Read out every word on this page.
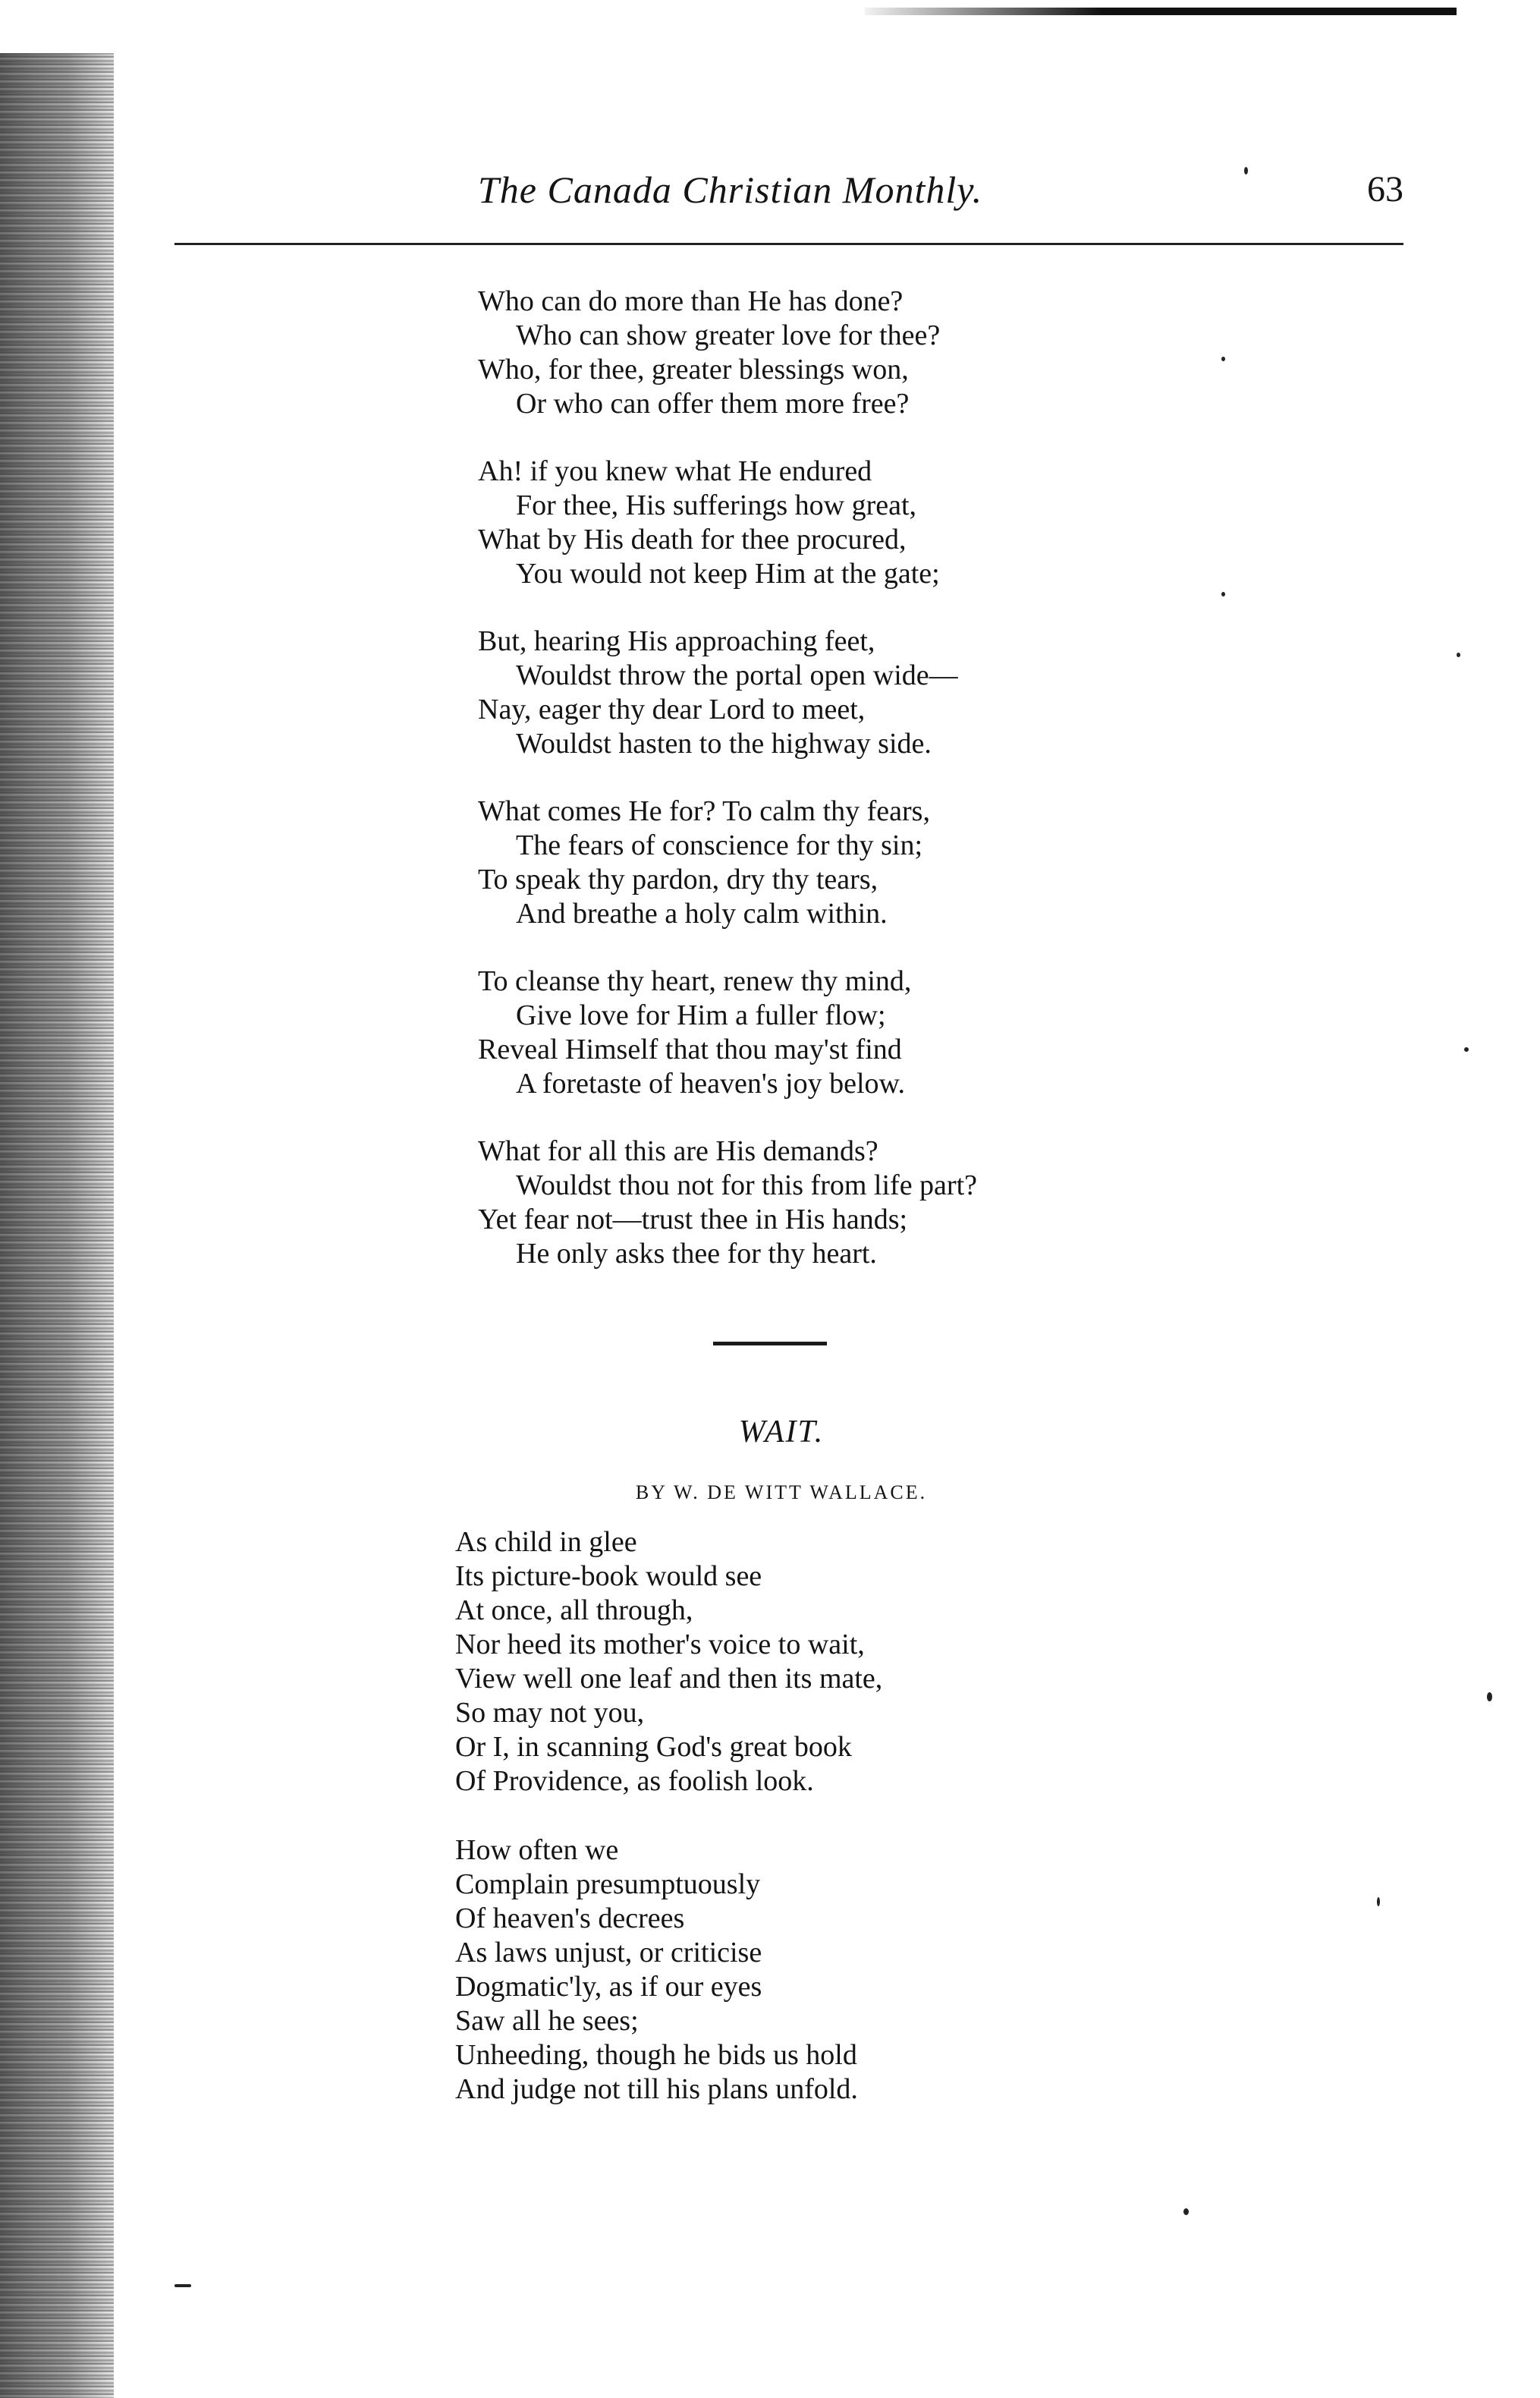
The Canada Christian Monthly.	63
Who can do more than He has done?
Who can show greater love for thee?
Who, for thee, greater blessings won,
Or who can offer them more free?
Ah! if you knew what He endured
For thee, His sufferings how great,
What by His death for thee procured,
You would not keep Him at the gate;
But, hearing His approaching feet,
Wouldst throw the portal open wide—
Nay, eager thy dear Lord to meet,
Wouldst hasten to the highway side.
What comes He for? To calm thy fears,
The fears of conscience for thy sin;
To speak thy pardon, dry thy tears,
And breathe a holy calm within.
To cleanse thy heart, renew thy mind,
Give love for Him a fuller flow;
Reveal Himself that thou may'st find
A foretaste of heaven's joy below.
What for all this are His demands?
Wouldst thou not for this from life part?
Yet fear not—trust thee in His hands;
He only asks thee for thy heart.
WAIT.
BY W. DE WITT WALLACE.
As child in glee
Its picture-book would see
At once, all through,
Nor heed its mother's voice to wait,
View well one leaf and then its mate,
So may not you,
Or I, in scanning God's great book
Of Providence, as foolish look.
How often we
Complain presumptuously
Of heaven's decrees
As laws unjust, or criticise
Dogmatic'ly, as if our eyes
Saw all he sees;
Unheeding, though he bids us hold
And judge not till his plans unfold.
